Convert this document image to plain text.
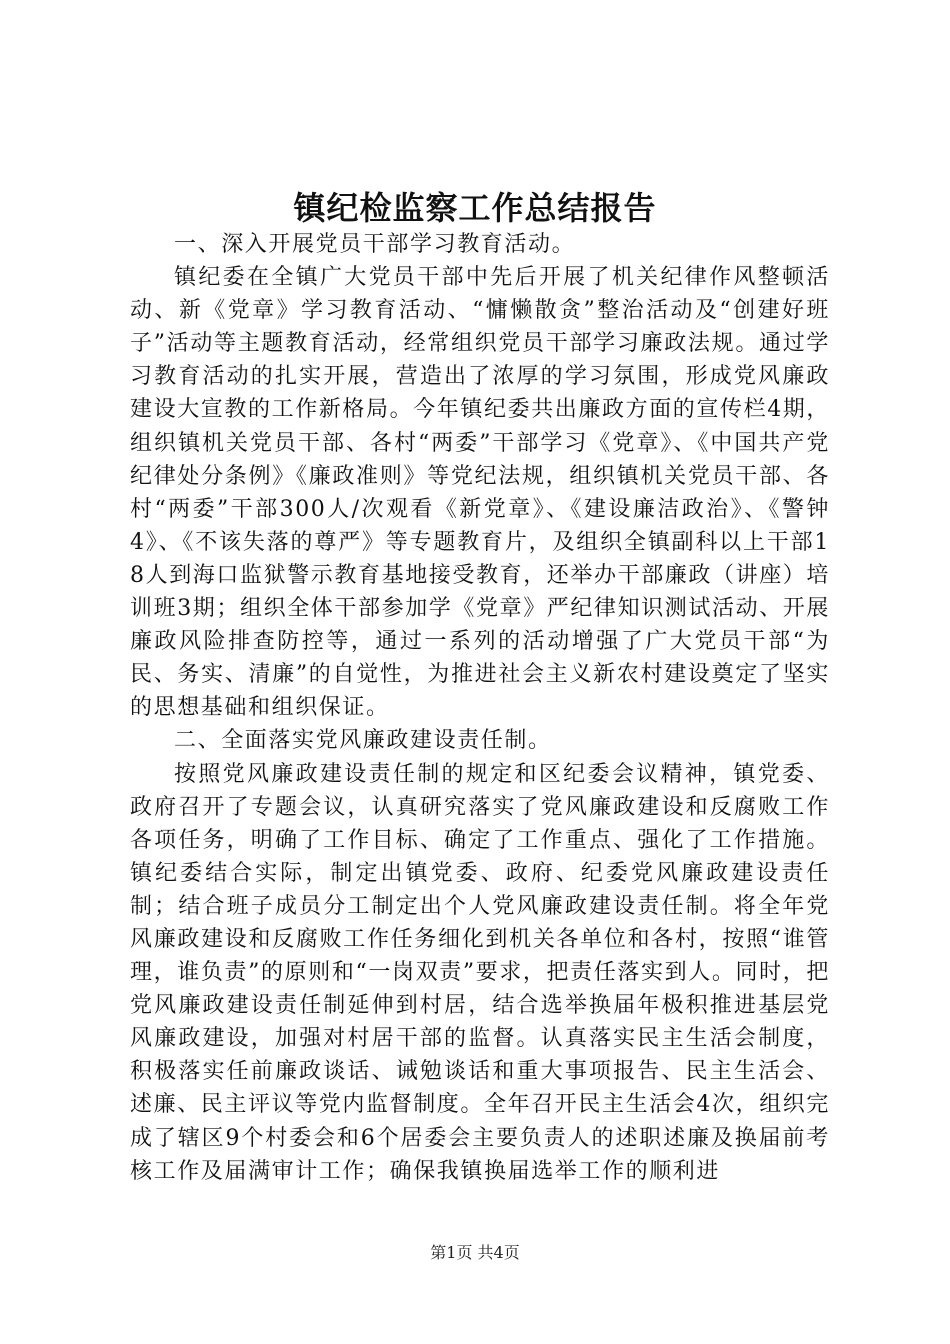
镇纪检监察工作总结报告

一、深入开展党员干部学习教育活动。

镇纪委在全镇广大党员干部中先后开展了机关纪律作风整顿活动、新《党章》学习教育活动、“慵懒散贪”整治活动及“创建好班子”活动等主题教育活动，经常组织党员干部学习廉政法规。通过学习教育活动的扎实开展，营造出了浓厚的学习氛围，形成党风廉政建设大宣教的工作新格局。今年镇纪委共出廉政方面的宣传栏4期，组织镇机关党员干部、各村“两委”干部学习《党章》、《中国共产党纪律处分条例》《廉政准则》等党纪法规，组织镇机关党员干部、各村“两委”干部300人/次观看《新党章》、《建设廉洁政治》、《警钟4》、《不该失落的尊严》等专题教育片，及组织全镇副科以上干部18人到海口监狱警示教育基地接受教育，还举办干部廉政（讲座）培训班3期；组织全体干部参加学《党章》严纪律知识测试活动、开展廉政风险排查防控等，通过一系列的活动增强了广大党员干部“为民、务实、清廉”的自觉性，为推进社会主义新农村建设奠定了坚实的思想基础和组织保证。

二、全面落实党风廉政建设责任制。

按照党风廉政建设责任制的规定和区纪委会议精神，镇党委、政府召开了专题会议，认真研究落实了党风廉政建设和反腐败工作各项任务，明确了工作目标、确定了工作重点、强化了工作措施。镇纪委结合实际，制定出镇党委、政府、纪委党风廉政建设责任制；结合班子成员分工制定出个人党风廉政建设责任制。将全年党风廉政建设和反腐败工作任务细化到机关各单位和各村，按照“谁管理，谁负责”的原则和“一岗双责”要求，把责任落实到人。同时，把党风廉政建设责任制延伸到村居，结合选举换届年极积推进基层党风廉政建设，加强对村居干部的监督。认真落实民主生活会制度，积极落实任前廉政谈话、诫勉谈话和重大事项报告、民主生活会、述廉、民主评议等党内监督制度。全年召开民主生活会4次，组织完成了辖区9个村委会和6个居委会主要负责人的述职述廉及换届前考核工作及届满审计工作；确保我镇换届选举工作的顺利进

第1页 共4页
